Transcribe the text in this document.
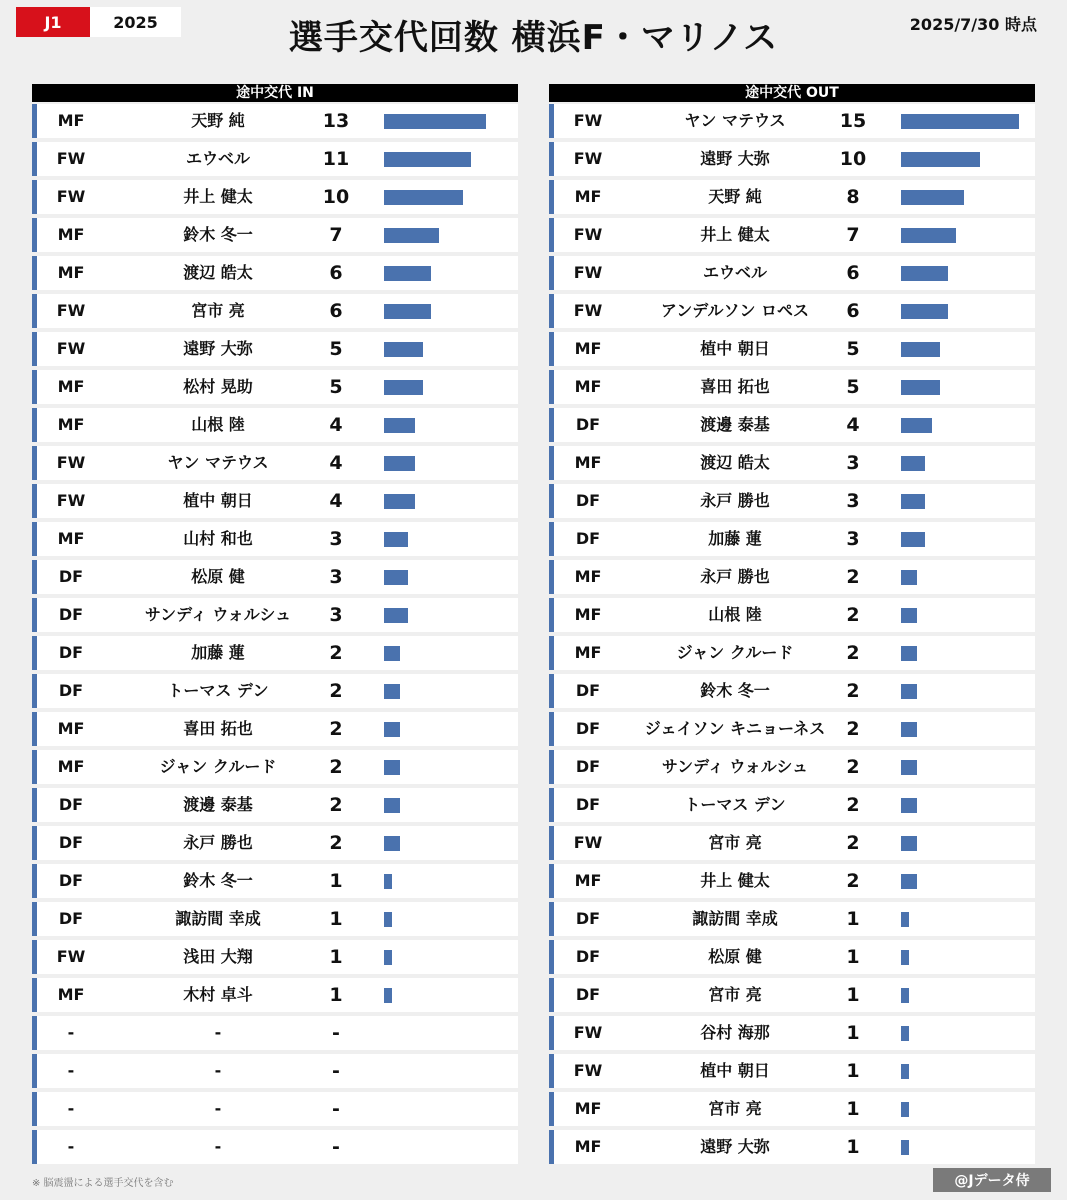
J1	2025	選手交代回数 横浜F・マリノス	2025/7/30 時点
途中交代 IN
MF	天野 純	13
FW	エウベル	11
FW	井上 健太	10
MF	鈴木 冬一	7
MF	渡辺 皓太	6
FW	宮市 亮	6
FW	遠野 大弥	5
MF	松村 晃助	5
MF	山根 陸	4
FW	ヤン マテウス	4
FW	植中 朝日	4
MF	山村 和也	3
DF	松原 健	3
DF	サンディ ウォルシュ	3
DF	加藤 蓮	2
DF	トーマス デン	2
MF	喜田 拓也	2
MF	ジャン クルード	2
DF	渡邊 泰基	2
DF	永戸 勝也	2
DF	鈴木 冬一	1
DF	諏訪間 幸成	1
FW	浅田 大翔	1
MF	木村 卓斗	1
-	-	-
-	-	-
-	-	-
-	-	-
途中交代 OUT
FW	ヤン マテウス	15
FW	遠野 大弥	10
MF	天野 純	8
FW	井上 健太	7
FW	エウベル	6
FW	アンデルソン ロペス	6
MF	植中 朝日	5
MF	喜田 拓也	5
DF	渡邊 泰基	4
MF	渡辺 皓太	3
DF	永戸 勝也	3
DF	加藤 蓮	3
MF	永戸 勝也	2
MF	山根 陸	2
MF	ジャン クルード	2
DF	鈴木 冬一	2
DF	ジェイソン キニョーネス	2
DF	サンディ ウォルシュ	2
DF	トーマス デン	2
FW	宮市 亮	2
MF	井上 健太	2
DF	諏訪間 幸成	1
DF	松原 健	1
DF	宮市 亮	1
FW	谷村 海那	1
FW	植中 朝日	1
MF	宮市 亮	1
MF	遠野 大弥	1
※ 脳震盪による選手交代を含む	@Jデータ侍
